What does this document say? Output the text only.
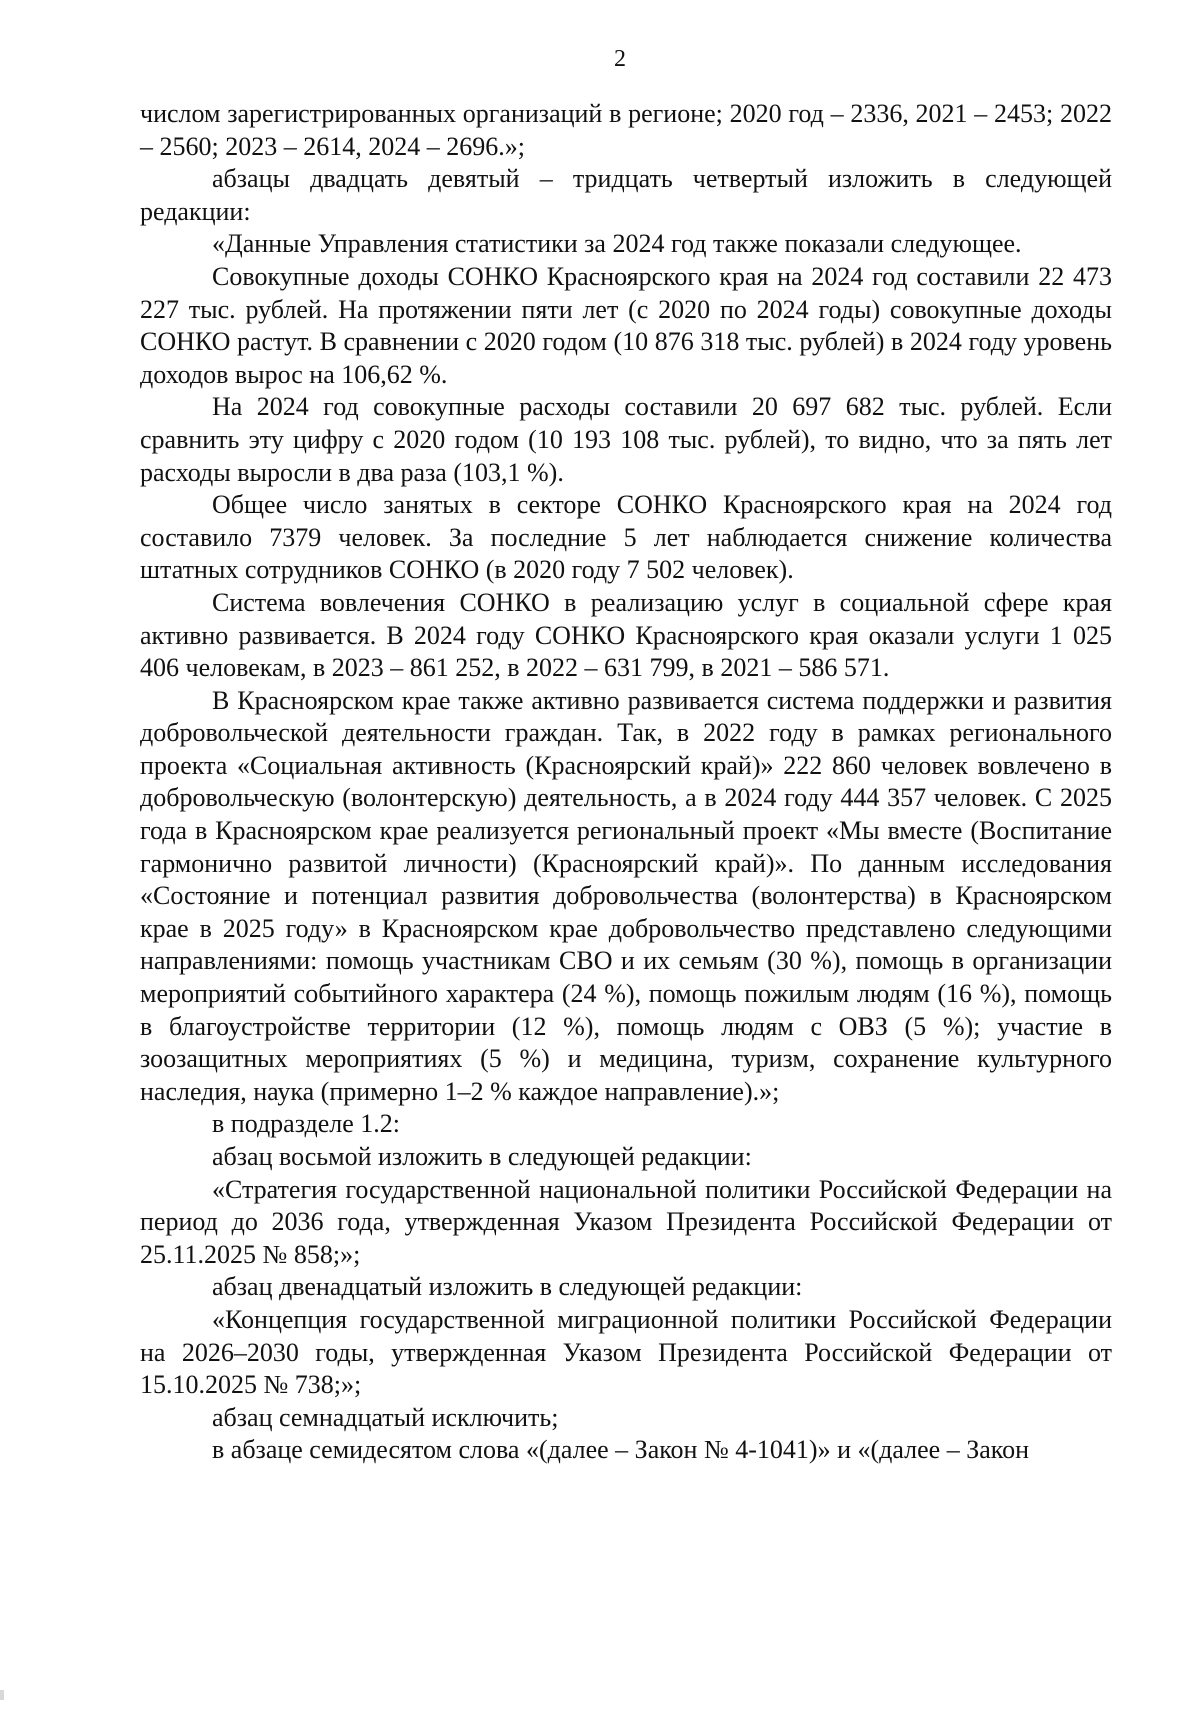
2

числом зарегистрированных организаций в регионе; 2020 год – 2336, 2021 – 2453; 2022 – 2560; 2023 – 2614, 2024 – 2696.»;

абзацы двадцать девятый – тридцать четвертый изложить в следующей редакции:

«Данные Управления статистики за 2024 год также показали следующее.

Совокупные доходы СОНКО Красноярского края на 2024 год составили 22 473 227 тыс. рублей. На протяжении пяти лет (с 2020 по 2024 годы) совокупные доходы СОНКО растут. В сравнении с 2020 годом (10 876 318 тыс. рублей) в 2024 году уровень доходов вырос на 106,62 %.

На 2024 год совокупные расходы составили 20 697 682 тыс. рублей. Если сравнить эту цифру с 2020 годом (10 193 108 тыс. рублей), то видно, что за пять лет расходы выросли в два раза (103,1 %).

Общее число занятых в секторе СОНКО Красноярского края на 2024 год составило 7379 человек. За последние 5 лет наблюдается снижение количества штатных сотрудников СОНКО (в 2020 году 7 502 человек).

Система вовлечения СОНКО в реализацию услуг в социальной сфере края активно развивается. В 2024 году СОНКО Красноярского края оказали услуги 1 025 406 человекам, в 2023 – 861 252, в 2022 – 631 799, в 2021 – 586 571.

В Красноярском крае также активно развивается система поддержки и развития добровольческой деятельности граждан. Так, в 2022 году в рамках регионального проекта «Социальная активность (Красноярский край)» 222 860 человек вовлечено в добровольческую (волонтерскую) деятельность, а в 2024 году 444 357 человек. С 2025 года в Красноярском крае реализуется региональный проект «Мы вместе (Воспитание гармонично развитой личности) (Красноярский край)». По данным исследования «Состояние и потенциал развития добровольчества (волонтерства) в Красноярском крае в 2025 году» в Красноярском крае добровольчество представлено следующими направлениями: помощь участникам СВО и их семьям (30 %), помощь в организации мероприятий событийного характера (24 %), помощь пожилым людям (16 %), помощь в благоустройстве территории (12 %), помощь людям с ОВЗ (5 %); участие в зоозащитных мероприятиях (5 %) и медицина, туризм, сохранение культурного наследия, наука (примерно 1–2 % каждое направление).»;

в подразделе 1.2:

абзац восьмой изложить в следующей редакции:

«Стратегия государственной национальной политики Российской Федерации на период до 2036 года, утвержденная Указом Президента Российской Федерации от 25.11.2025 № 858;»;

абзац двенадцатый изложить в следующей редакции:

«Концепция государственной миграционной политики Российской Федерации на 2026–2030 годы, утвержденная Указом Президента Российской Федерации от 15.10.2025 № 738;»;

абзац семнадцатый исключить;

в абзаце семидесятом слова «(далее – Закон № 4-1041)» и «(далее – Закон
